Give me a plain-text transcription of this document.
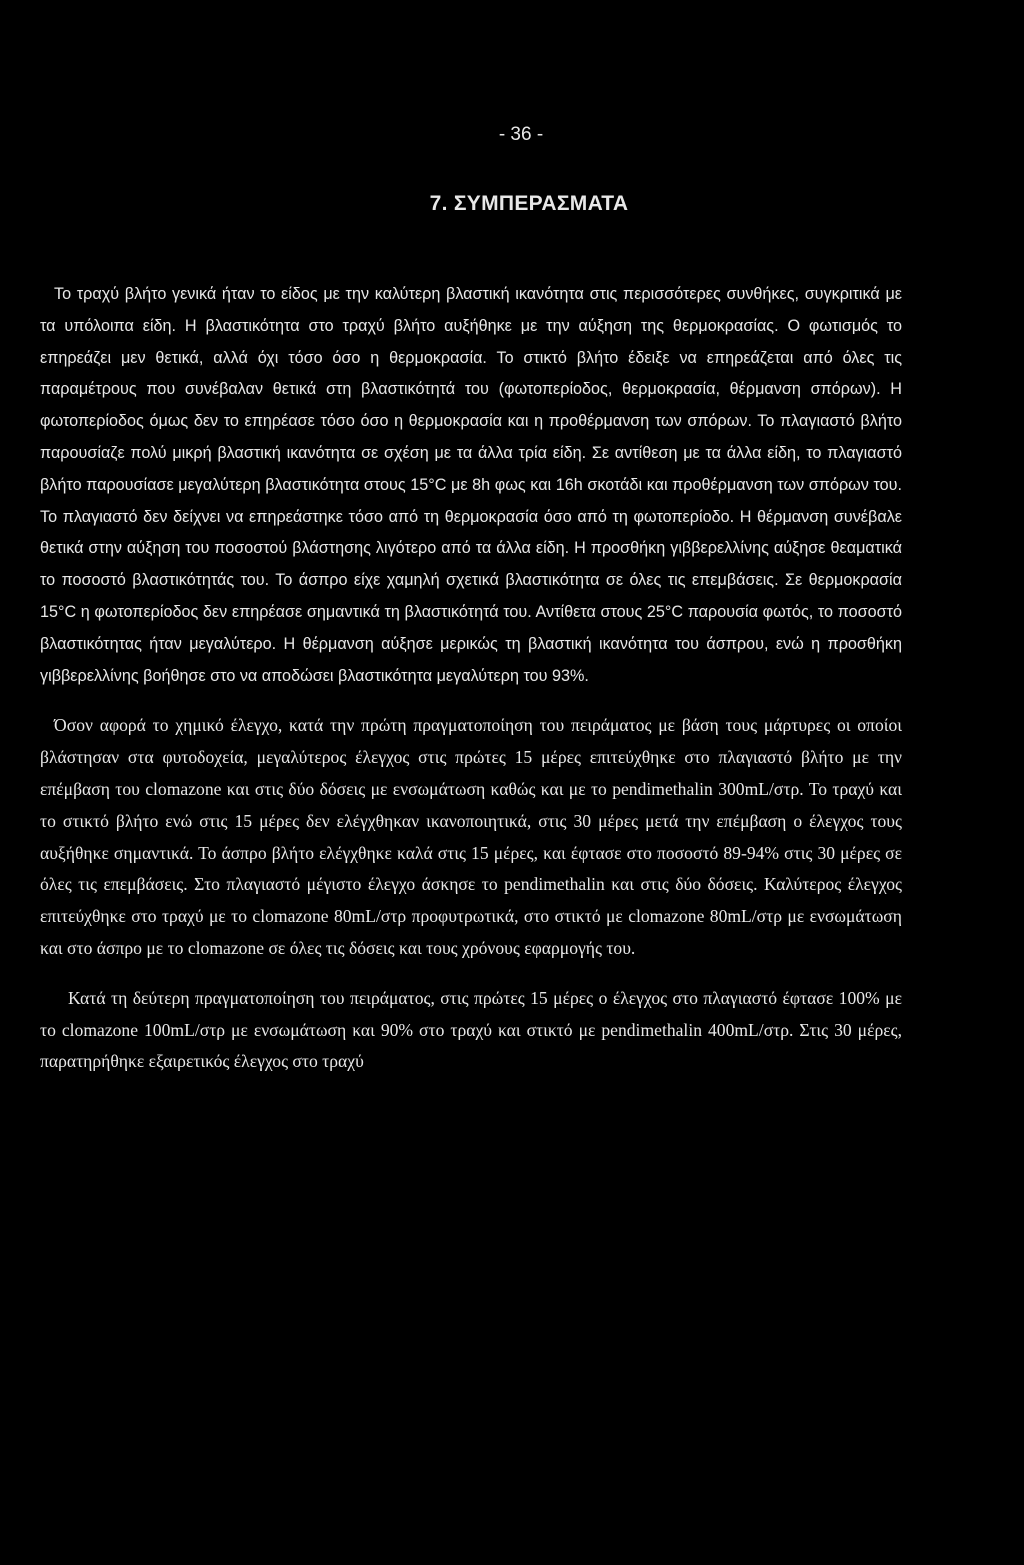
- 36 -
7. ΣΥΜΠΕΡΑΣΜΑΤΑ

Το τραχύ βλήτο γενικά ήταν το είδος με την καλύτερη βλαστική ικανότητα στις περισσότερες συνθήκες, συγκριτικά με τα υπόλοιπα είδη. Η βλαστικότητα στο τραχύ βλήτο αυξήθηκε με την αύξηση της θερμοκρασίας. Ο φωτισμός το επηρεάζει μεν θετικά, αλλά όχι τόσο όσο η θερμοκρασία. Το στικτό βλήτο έδειξε να επηρεάζεται από όλες τις παραμέτρους που συνέβαλαν θετικά στη βλαστικότητά του (φωτοπερίοδος, θερμοκρασία, θέρμανση σπόρων). Η φωτοπερίοδος όμως δεν το επηρέασε τόσο όσο η θερμοκρασία και η προθέρμανση των σπόρων. Το πλαγιαστό βλήτο παρουσίαζε πολύ μικρή βλαστική ικανότητα σε σχέση με τα άλλα τρία είδη. Σε αντίθεση με τα άλλα είδη, το πλαγιαστό βλήτο παρουσίασε μεγαλύτερη βλαστικότητα στους 15°C με 8h φως και 16h σκοτάδι και προθέρμανση των σπόρων του. Το πλαγιαστό δεν δείχνει να επηρεάστηκε τόσο από τη θερμοκρασία όσο από τη φωτοπερίοδο. Η θέρμανση συνέβαλε θετικά στην αύξηση του ποσοστού βλάστησης λιγότερο από τα άλλα είδη. Η προσθήκη γιββερελλίνης αύξησε θεαματικά το ποσοστό βλαστικότητάς του. Το άσπρο είχε χαμηλή σχετικά βλαστικότητα σε όλες τις επεμβάσεις. Σε θερμοκρασία 15°C η φωτοπερίοδος δεν επηρέασε σημαντικά τη βλαστικότητά του. Αντίθετα στους 25°C παρουσία φωτός, το ποσοστό βλαστικότητας ήταν μεγαλύτερο. Η θέρμανση αύξησε μερικώς τη βλαστική ικανότητα του άσπρου, ενώ η προσθήκη γιββερελλίνης βοήθησε στο να αποδώσει βλαστικότητα μεγαλύτερη του 93%.

Όσον αφορά το χημικό έλεγχο, κατά την πρώτη πραγματοποίηση του πειράματος με βάση τους μάρτυρες οι οποίοι βλάστησαν στα φυτοδοχεία, μεγαλύτερος έλεγχος στις πρώτες 15 μέρες επιτεύχθηκε στο πλαγιαστό βλήτο με την επέμβαση του clomazone και στις δύο δόσεις με ενσωμάτωση καθώς και με το pendimethalin 300mL/στρ. Το τραχύ και το στικτό βλήτο ενώ στις 15 μέρες δεν ελέγχθηκαν ικανοποιητικά, στις 30 μέρες μετά την επέμβαση ο έλεγχος τους αυξήθηκε σημαντικά. Το άσπρο βλήτο ελέγχθηκε καλά στις 15 μέρες, και έφτασε στο ποσοστό 89-94% στις 30 μέρες σε όλες τις επεμβάσεις. Στο πλαγιαστό μέγιστο έλεγχο άσκησε το pendimethalin και στις δύο δόσεις. Καλύτερος έλεγχος επιτεύχθηκε στο τραχύ με το clomazone 80mL/στρ προφυτρωτικά, στο στικτό με clomazone 80mL/στρ με ενσωμάτωση και στο άσπρο με το clomazone σε όλες τις δόσεις και τους χρόνους εφαρμογής του.

Κατά τη δεύτερη πραγματοποίηση του πειράματος, στις πρώτες 15 μέρες ο έλεγχος στο πλαγιαστό έφτασε 100% με το clomazone 100mL/στρ με ενσωμάτωση και 90% στο τραχύ και στικτό με pendimethalin 400mL/στρ. Στις 30 μέρες, παρατηρήθηκε εξαιρετικός έλεγχος στο τραχύ
